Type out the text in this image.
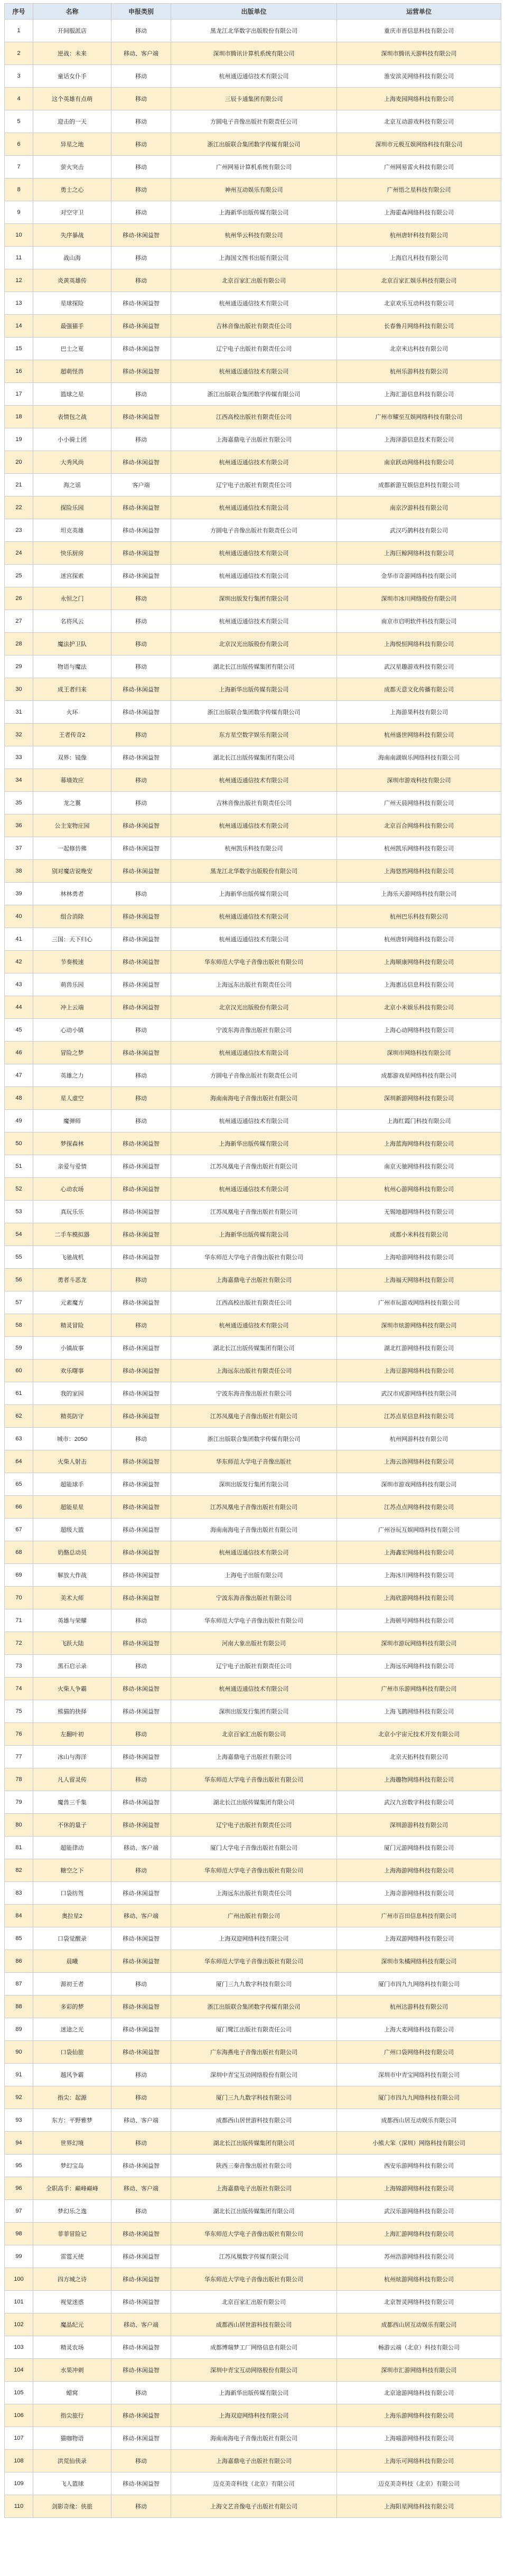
序号	名称	申报类别	出版单位	运营单位
1	开间服派店	移动	黑龙江北华数字出版股份有限公司	重庆市晋信思科技有限公司
2	逆战：未来	移动、客户端	深圳市腾讯计算机系统有限公司	深圳市腾讯天游科技有限公司
3	童话女仆手	移动	杭州通迈通信技术有限公司	淮安滨灵网络科技有限公司
4	这个英雄有点萌	移动	三辰卡通集团有限公司	上海麦园网络科技有限公司
5	迎击的一天	移动	方圆电子音像出版社有限责任公司	北京互动游戏科技有限公司
6	异星之地	移动	浙江出版联合集团数字传媒有限公司	深圳市元极互娱网络科技有限公司
7	萤火突击	移动	广州网易计算机系统有限公司	广州网易雷火科技有限公司
8	勇士之心	移动	神州互动娱乐有限公司	广州悟之星科技有限公司
9	对空守卫	移动	上海新华出版传媒有限公司	上海霍森网络科技有限公司
10	失序暴战	移动-休闲益智	杭州华云科技有限公司	杭州唐轩科技有限公司
11	战山海	移动	上海国文图书出版有限公司	上海启凡科技有限公司
12	炎黄英雄传	移动	北京百家汇出版有限公司	北京百家汇娱乐科技有限公司
13	星球探险	移动-休闲益智	杭州通迈通信技术有限公司	北京欢乐互动科技有限公司
14	最强猫手	移动-休闲益智	吉林音像出版社有限责任公司	长春鲁月网络科技有限公司
15	巴士之夏	移动-休闲益智	辽宁电子出版社有限责任公司	北京米达科技有限公司
16	超萌怪兽	移动-休闲益智	杭州通迈通信技术有限公司	杭州乐游科技有限公司
17	篮球之星	移动	浙江出版联合集团数字传媒有限公司	上海汇游信息科技有限公司
18	表情包之战	移动-休闲益智	江西高校出版社有限责任公司	广州市耀至互娱网络科技有限公司
19	小小骑士团	移动	上海嘉鼎电子出版社有限公司	上海泽游信息技术有限公司
20	大秀风尚	移动-休闲益智	杭州通迈通信技术有限公司	南京跃动网络科技有限公司
21	海之谣	客户端	辽宁电子出版社有限责任公司	成都新游互娱信息科技有限公司
22	探险乐园	移动-休闲益智	杭州通迈通信技术有限公司	南京汐游科技有限公司
23	坦克英雄	移动-休闲益智	方圆电子音像出版社有限责任公司	武汉巧鹊科技有限公司
24	快乐厨房	移动-休闲益智	杭州通迈通信技术有限公司	上海巨鲸网络科技有限公司
25	迷宫探索	移动-休闲益智	杭州通迈通信技术有限公司	金华市奇游网络科技有限公司
26	永恒之门	移动	深圳出版发行集团有限公司	深圳市冰川网络股份有限公司
27	名将风云	移动	杭州通迈通信技术有限公司	南京市启明软件科技有限公司
28	魔法护卫队	移动	北京汉光出版股份有限公司	上海悦恒网络科技有限公司
29	物语与魔法	移动	湖北长江出版传媒集团有限公司	武汉星趣游戏科技有限公司
30	成王者归来	移动-休闲益智	上海新华出版传媒有限公司	成都天意文化传播有限公司
31	火环	移动-休闲益智	浙江出版联合集团数字传媒有限公司	上海游果科技有限公司
32	王者传奇2	移动	东方星空数字娱乐有限公司	杭州盛世网络科技有限公司
33	双界：镜像	移动-休闲益智	湖北长江出版传媒集团有限公司	海南南湖娱乐网络科技有限公司
34	幕墙效应	移动	杭州通迈通信技术有限公司	深圳市游戏科技有限公司
35	龙之翼	移动	吉林音像出版社有限责任公司	广州天晨网络科技有限公司
36	公主宠物庄园	移动-休闲益智	杭州通迈通信技术有限公司	北京百合网络科技有限公司
37	一起修仿佛	移动-休闲益智	杭州凯乐科技有限公司	杭州凯乐网络科技有限公司
38	别对魔店说晚安	移动-休闲益智	黑龙江北华数字出版股份有限公司	上海悠然网络科技有限公司
39	林林勇者	移动	上海新华出版传媒有限公司	上海乐天游网络科技有限公司
40	组合消除	移动-休闲益智	杭州通迈通信技术有限公司	杭州巴乐科技有限公司
41	三国：天下归心	移动-休闲益智	杭州通迈通信技术有限公司	杭州唐轩网络科技有限公司
42	节奏极速	移动-休闲益智	华东师范大学电子音像出版社有限公司	上海顺康网络科技有限公司
43	萌兽乐园	移动-休闲益智	上海远东出版社有限责任公司	上海惠达信息科技有限公司
44	冲上云端	移动-休闲益智	北京汉光出版股份有限公司	北京小米娱乐科技有限公司
45	心动小镇	移动	宁波东海音像出版社有限公司	上海心动网络科技有限公司
46	冒险之梦	移动-休闲益智	杭州通迈通信技术有限公司	深圳市网络科技有限公司
47	英雄之力	移动	方圆电子音像出版社有限责任公司	成都游戏星网络科技有限公司
48	星人虚空	移动	海南南海电子音像出版社有限公司	深圳新游网络科技有限公司
49	魔弹师	移动	杭州通迈通信技术有限公司	上海红霞门科技有限公司
50	梦探森林	移动-休闲益智	上海新华出版传媒有限公司	上海蓝海网络科技有限公司
51	亲爱与爱情	移动-休闲益智	江苏凤凰电子音像出版社有限公司	南京天驰网络科技有限公司
52	心动农场	移动-休闲益智	杭州通迈通信技术有限公司	杭州心游网络科技有限公司
53	真玩乐乐	移动-休闲益智	江苏凤凰电子音像出版社有限公司	无锡地超网络科技有限公司
54	二手车模拟器	移动-休闲益智	上海新华出版传媒有限公司	成都小米科技有限公司
55	飞驰战机	移动-休闲益智	华东师范大学电子音像出版社有限公司	上海哈游网络科技有限公司
56	勇者斗恶龙	移动	上海嘉鼎电子出版社有限公司	上海福天网络科技有限公司
57	元素魔方	移动-休闲益智	江西高校出版社有限责任公司	广州市玩游戏网络科技有限公司
58	精灵冒险	移动	杭州通迈通信技术有限公司	深圳市炫游网络科技有限公司
59	小镇故事	移动-休闲益智	湖北长江出版传媒集团有限公司	湖北红游网络科技有限公司
60	欢乐曙事	移动-休闲益智	上海远东出版社有限责任公司	上海豆游网络科技有限公司
61	我的家园	移动-休闲益智	宁波东海音像出版社有限公司	武汉市成游网络科技有限公司
62	精英防守	移动-休闲益智	江苏凤凰电子音像出版社有限公司	江苏点星信息科技有限公司
63	城市：2050	移动	浙江出版联合集团数字传媒有限公司	杭州网游科技有限公司
64	火柴人射击	移动-休闲益智	华东师范大学电子音像出版社	上海云洛网络科技有限公司
65	超能球手	移动-休闲益智	深圳出版发行集团有限公司	深圳市游戏网络科技有限公司
66	超能星星	移动-休闲益智	江苏凤凰电子音像出版社有限公司	江苏点点网络科技有限公司
67	超级大篮	移动-休闲益智	海南南海电子音像出版社有限公司	广州谷玩互娱网络科技有限公司
68	奶酪总动员	移动-休闲益智	杭州通迈通信技术有限公司	上海鑫宏网络科技有限公司
69	解放大作战	移动-休闲益智	上海电子出版有限公司	上海冰川网络科技有限公司
70	美术大师	移动-休闲益智	宁波东海音像出版社有限公司	上海欣游网络科技有限公司
71	英雄与荣耀	移动	华东师范大学电子音像出版社有限公司	上海顿号网络科技有限公司
72	飞跃大陆	移动-休闲益智	河南大象出版社有限公司	深圳市游玩网络科技有限公司
73	黑石启示录	移动	辽宁电子出版社有限责任公司	上海远乐网络科技有限公司
74	火柴人争霸	移动-休闲益智	杭州通迈通信技术有限公司	广州市乐游网络科技有限公司
75	熊猫的抉择	移动-休闲益智	深圳出版发行集团有限公司	上海飞鹊网络科技有限公司
76	左翻叶初	移动	北京百家汇出版有限公司	北京小宇宙元技术开发有限公司
77	冰山与海洋	移动-休闲益智	上海嘉鼎电子出版社有限公司	北京天拓科技有限公司
78	凡人留灵传	移动	华东师范大学电子音像出版社有限公司	上海趣物网络科技有限公司
79	魔兽三千集	移动-休闲益智	湖北长江出版传媒集团有限公司	武汉九宫数字科技有限公司
80	不休的量子	移动-休闲益智	辽宁电子出版社有限责任公司	深圳游游科技有限公司
81	超能律动	移动、客户端	厦门大学电子音像出版社有限公司	厦门元游网络科技有限公司
82	糖空之下	移动	华东师范大学电子音像出版社有限公司	上海海游网络科技有限公司
83	口袋纺驾	移动-休闲益智	上海远东出版社有限责任公司	上海奇游网络科技有限公司
84	奥拉星2	移动、客户端	广州出版社有限公司	广州市百田信息科技有限公司
85	口袋觉醒录	移动-休闲益智	上海双迎网络科技有限公司	上海双游网络科技有限公司
86	晨曦	移动-休闲益智	华东师范大学电子音像出版社有限公司	深圳市朱橘网络科技有限公司
87	源初王者	移动	厦门三九九数字科技有限公司	厦门市四九九网络科技有限公司
88	多彩的梦	移动-休闲益智	浙江出版联合集团数字传媒有限公司	杭州达游科技有限公司
89	迷途之光	移动-休闲益智	厦门鹭江出版社有限责任公司	上海大麦网络科技有限公司
90	口袋仙旅	移动-休闲益智	广东海燕电子音像出版社有限公司	广州口袋网络科技有限公司
91	越风争霸	移动	深圳中青宝互动网络股份有限公司	深圳市中青宝网络科技有限公司
92	指尖：起源	移动	厦门三九九数字科技有限公司	厦门市四九九网络科技有限公司
93	东方：平野雅梦	移动、客户端	成都西山居世游科技有限公司	成都西山居互动娱乐有限公司
94	世界幻境	移动	湖北长江出版传媒集团有限公司	小熊大笨（深圳）网络科技有限公司
95	梦幻宝岛	移动-休闲益智	陕西三秦音像出版社有限公司	西安乐游网络科技有限公司
96	全职高手：巅峰巅峰	移动、客户端	上海嘉鼎电子出版社有限公司	上海锦游网络科技有限公司
97	梦幻乐之逸	移动	湖北长江出版传媒集团有限公司	武汉乐游网络科技有限公司
98	菲菲冒险记	移动-休闲益智	华东师范大学电子音像出版社有限公司	上海汇游网络科技有限公司
99	雷霆天使	移动-休闲益智	江苏凤凰数字传媒有限公司	苏州浩游网络科技有限公司
100	四方城之诗	移动-休闲益智	华东师范大学电子音像出版社有限公司	杭州炫游网络科技有限公司
101	视觉迷惑	移动-休闲益智	北京百家汇出版有限公司	北京智灵网络科技有限公司
102	魔晶纪元	移动、客户端	成都西山居世游科技有限公司	成都西山居互动娱乐有限公司
103	精灵农场	移动-休闲益智	成都博瑞梦工厂网络信息有限公司	畅游云端（北京）科技有限公司
104	水果冲刺	移动-休闲益智	深圳中青宝互动网络股份有限公司	深圳市汇游网络科技有限公司
105	蜡窝	移动	上海新华出版传媒有限公司	北京途游网络科技有限公司
106	指尖旅行	移动-休闲益智	上海双迎网络科技有限公司	上海乐游网络科技有限公司
107	猫咖物语	移动-休闲益智	海南南海电子音像出版社有限公司	上海喵游网络科技有限公司
108	洪荒仙侠录	移动	上海嘉鼎电子出版社有限公司	上海乐可网络科技有限公司
109	飞人篮球	移动-休闲益智	迈克美奇科技（北京）有限公司	迈克美奇科技（北京）有限公司
110	剑影奇缘：侠旅	移动	上海文艺音像电子出版社有限公司	上海阳星网络科技有限公司
